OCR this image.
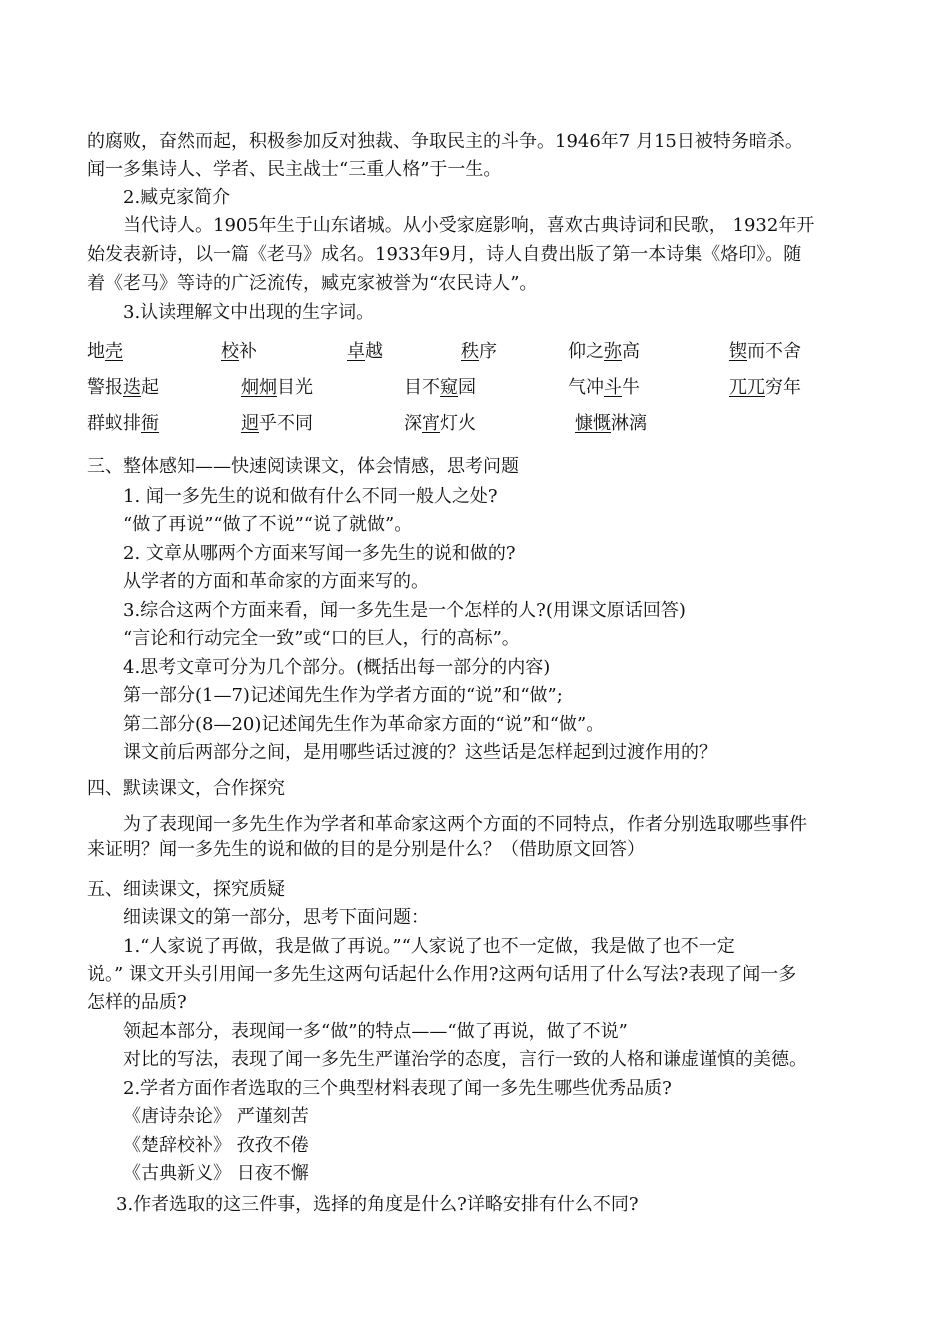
的腐败，奋然而起，积极参加反对独裁、争取民主的斗争。1946年7 月15日被特务暗杀。
闻一多集诗人、学者、民主战士“三重人格”于一生。
2.臧克家简介
当代诗人。1905年生于山东诸城。从小受家庭影响，喜欢古典诗词和民歌， 1932年开
始发表新诗，以一篇《老马》成名。1933年9月，诗人自费出版了第一本诗集《烙印》。随
着《老马》等诗的广泛流传，臧克家被誉为“农民诗人”。
3.认读理解文中出现的生字词。
地壳	校补	卓越	秩序	仰之弥高	锲而不舍
警报迭起	炯炯目光	目不窥园	气冲斗牛	兀兀穷年
群蚁排衙	迥乎不同	深宵灯火	慷慨淋漓
三、整体感知——快速阅读课文，体会情感，思考问题
1. 闻一多先生的说和做有什么不同一般人之处?
“做了再说”“做了不说”“说了就做”。
2. 文章从哪两个方面来写闻一多先生的说和做的?
从学者的方面和革命家的方面来写的。
3.综合这两个方面来看，闻一多先生是一个怎样的人?(用课文原话回答)
“言论和行动完全一致”或“口的巨人，行的高标”。
4.思考文章可分为几个部分。(概括出每一部分的内容)
第一部分(1—7)记述闻先生作为学者方面的“说”和“做”;
第二部分(8—20)记述闻先生作为革命家方面的“说”和“做”。
课文前后两部分之间，是用哪些话过渡的？这些话是怎样起到过渡作用的？
四、默读课文，合作探究
为了表现闻一多先生作为学者和革命家这两个方面的不同特点，作者分别选取哪些事件
来证明？闻一多先生的说和做的目的是分别是什么？（借助原文回答）
五、细读课文，探究质疑
细读课文的第一部分，思考下面问题：
1.“人家说了再做，我是做了再说。”“人家说了也不一定做，我是做了也不一定
说。” 课文开头引用闻一多先生这两句话起什么作用?这两句话用了什么写法?表现了闻一多
怎样的品质?
领起本部分，表现闻一多“做”的特点——“做了再说，做了不说”
对比的写法，表现了闻一多先生严谨治学的态度，言行一致的人格和谦虚谨慎的美德。
2.学者方面作者选取的三个典型材料表现了闻一多先生哪些优秀品质?
《唐诗杂论》 严谨刻苦
《楚辞校补》 孜孜不倦
《古典新义》 日夜不懈
3.作者选取的这三件事，选择的角度是什么?详略安排有什么不同?
